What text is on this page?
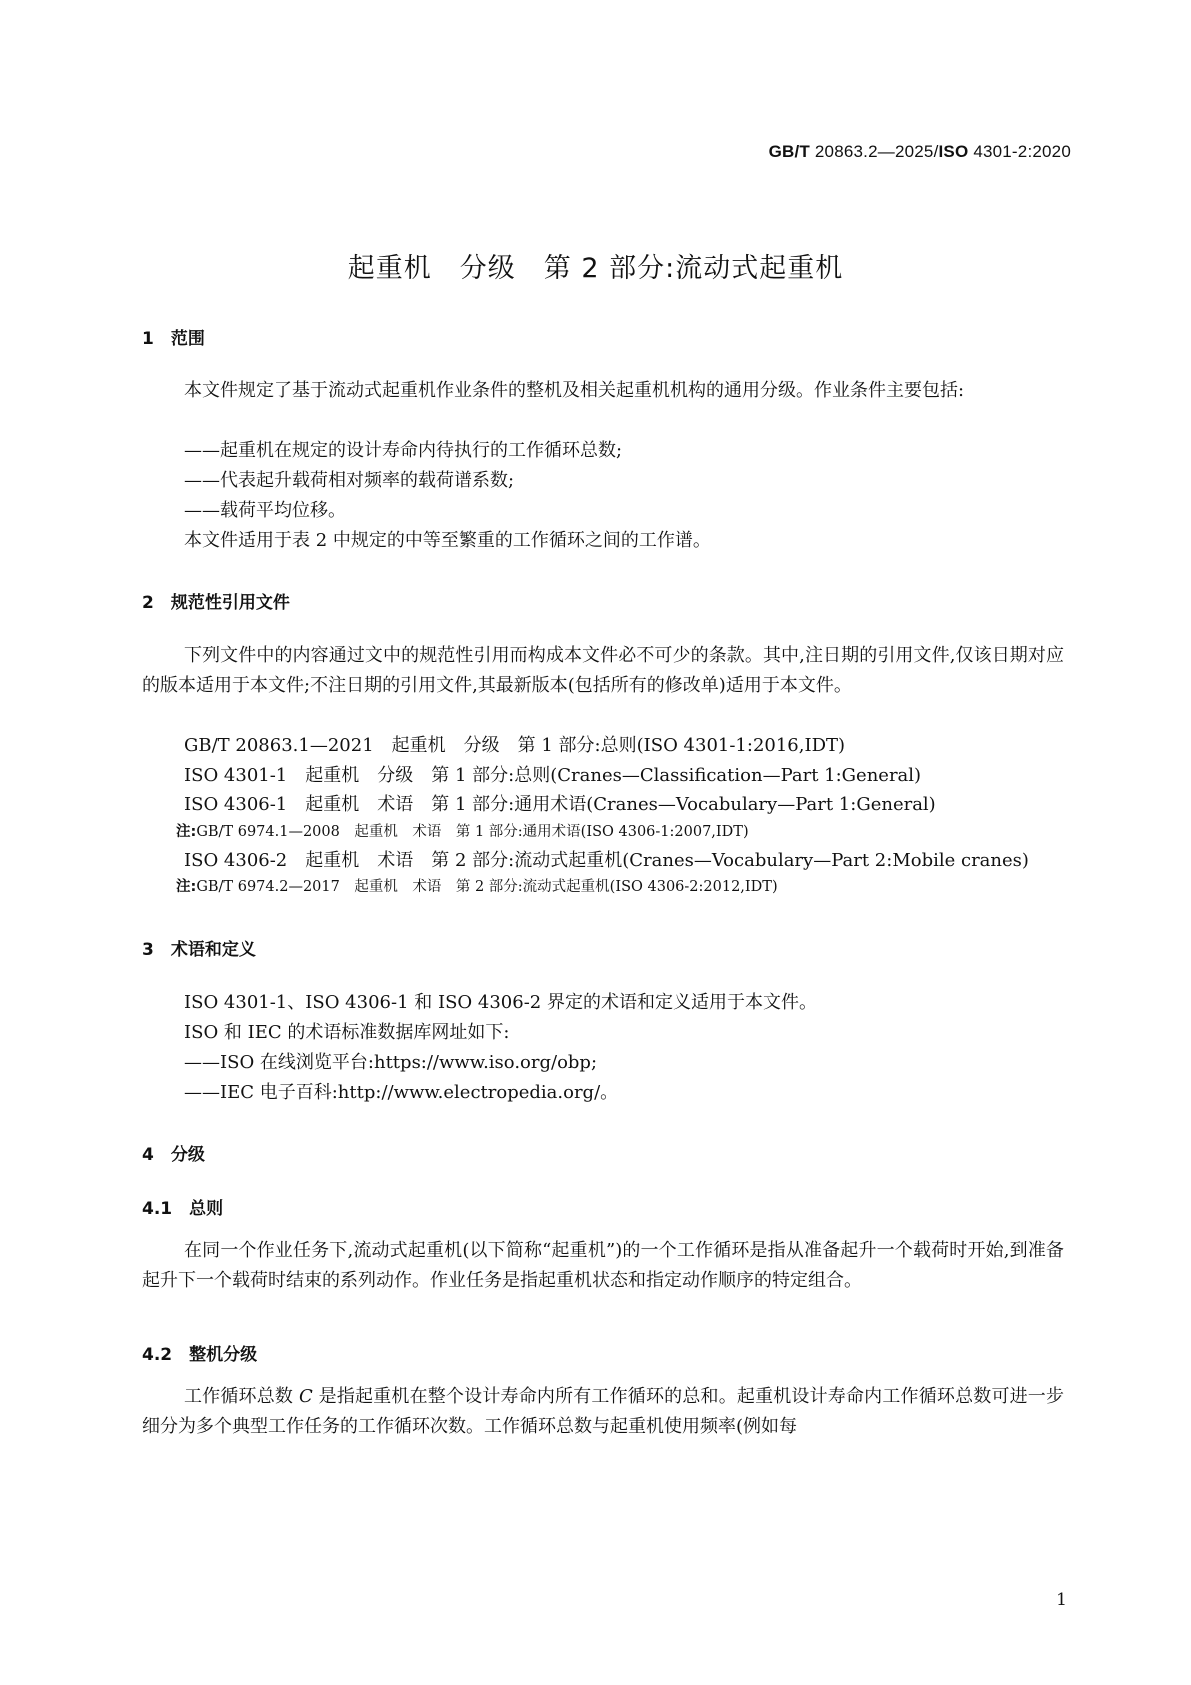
GB/T 20863.2—2025/ISO 4301-2:2020
起重机　分级　第 2 部分:流动式起重机
1　范围

本文件规定了基于流动式起重机作业条件的整机及相关起重机机构的通用分级。作业条件主要包括:

——起重机在规定的设计寿命内待执行的工作循环总数;
——代表起升载荷相对频率的载荷谱系数;
——载荷平均位移。
本文件适用于表 2 中规定的中等至繁重的工作循环之间的工作谱。
2　规范性引用文件

下列文件中的内容通过文中的规范性引用而构成本文件必不可少的条款。其中,注日期的引用文件,仅该日期对应的版本适用于本文件;不注日期的引用文件,其最新版本(包括所有的修改单)适用于本文件。

GB/T 20863.1—2021　起重机　分级　第 1 部分:总则(ISO 4301-1:2016,IDT)
ISO 4301-1　起重机　分级　第 1 部分:总则(Cranes—Classification—Part 1:General)
ISO 4306-1　起重机　术语　第 1 部分:通用术语(Cranes—Vocabulary—Part 1:General)
注:GB/T 6974.1—2008　起重机　术语　第 1 部分:通用术语(ISO 4306-1:2007,IDT)
ISO 4306-2　起重机　术语　第 2 部分:流动式起重机(Cranes—Vocabulary—Part 2:Mobile cranes)
注:GB/T 6974.2—2017　起重机　术语　第 2 部分:流动式起重机(ISO 4306-2:2012,IDT)
3　术语和定义
ISO 4301-1、ISO 4306-1 和 ISO 4306-2 界定的术语和定义适用于本文件。
ISO 和 IEC 的术语标准数据库网址如下:
——ISO 在线浏览平台:https://www.iso.org/obp;
——IEC 电子百科:http://www.electropedia.org/。
4　分级
4.1　总则

在同一个作业任务下,流动式起重机(以下简称“起重机”)的一个工作循环是指从准备起升一个载荷时开始,到准备起升下一个载荷时结束的系列动作。作业任务是指起重机状态和指定动作顺序的特定组合。

4.2　整机分级

工作循环总数 C 是指起重机在整个设计寿命内所有工作循环的总和。起重机设计寿命内工作循环总数可进一步细分为多个典型工作任务的工作循环次数。工作循环总数与起重机使用频率(例如每

1
